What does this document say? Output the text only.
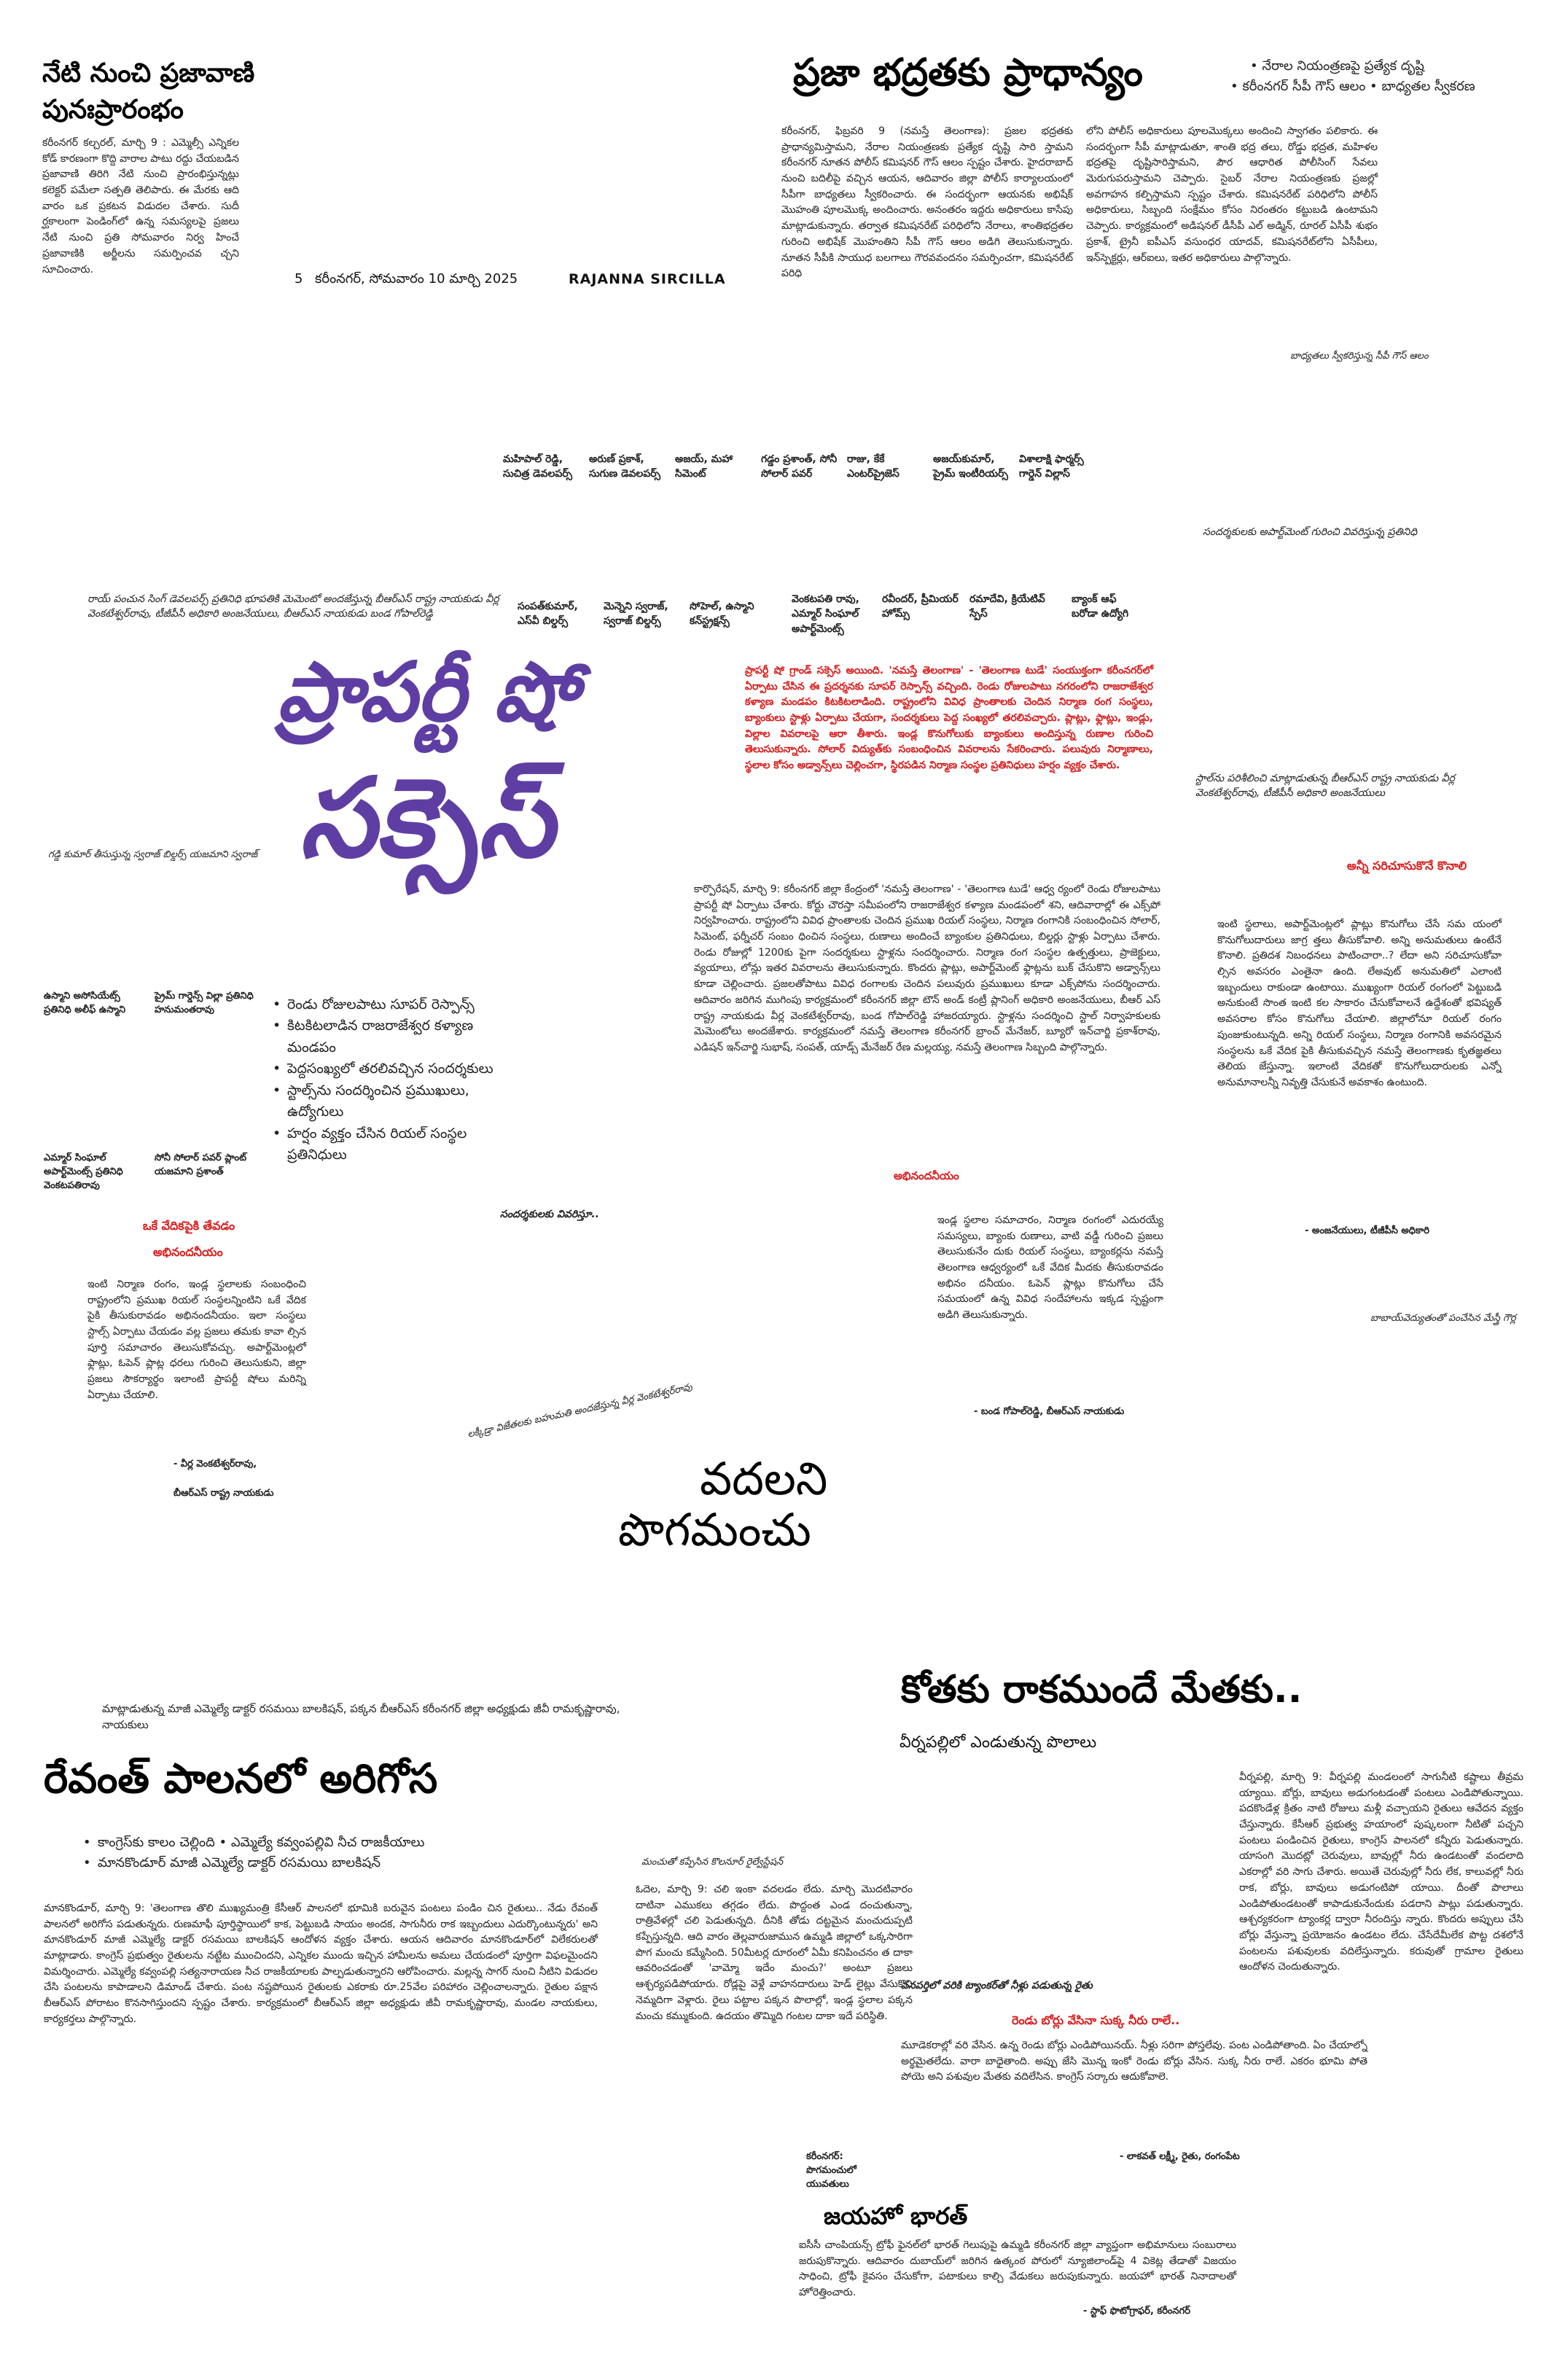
నేటి నుంచి ప్రజావాణి
పునఃప్రారంభం
కరీంనగర్ కల్చరల్, మార్చి 9 : ఎమ్మెల్సీ ఎన్నికల కోడ్ కారణంగా కొద్ది వారాల పాటు రద్దు చేయబడిన ప్రజావాణి తిరిగి నేటి నుంచి ప్రారంభిస్తున్నట్లు కలెక్టర్ పమేలా సత్పతి తెలిపారు. ఈ మేరకు ఆది వారం ఒక ప్రకటన విడుదల చేశారు. సుదీ ర్ఘకాలంగా పెండింగ్‌లో ఉన్న సమస్యలపై ప్రజలు నేటి నుంచి ప్రతి సోమవారం నిర్వ హించే ప్రజావాణికి అర్జీలను సమర్పించవ చ్చని సూచించారు.
5 కరీంనగర్, సోమవారం 10 మార్చి 2025	RAJANNA SIRCILLA
• నేరాల నియంత్రణపై ప్రత్యేక దృష్టి
• కరీంనగర్ సీపీ గౌస్ ఆలం • బాధ్యతల స్వీకరణ
ప్రజా భద్రతకు ప్రాధాన్యం
కరీంనగర్, ఫిబ్రవరి 9 (నమస్తే తెలంగాణ): ప్రజల భద్రతకు ప్రాధాన్యమిస్తామని, నేరాల నియంత్రణకు ప్రత్యేక దృష్టి సారి స్తామని కరీంనగర్ నూతన పోలీస్ కమిషనర్ గౌస్ ఆలం స్పష్టం చేశారు. హైదరాబాద్ నుంచి బదిలీపై వచ్చిన ఆయన, ఆదివారం జిల్లా పోలీస్ కార్యాలయంలో సీపీగా బాధ్యతలు స్వీకరించారు. ఈ సందర్భంగా ఆయనకు అభిషేక్ మొహంతి పూలమొక్క అందించారు. అనంతరం ఇద్దరు అధికారులు కాసేపు మాట్లాడుకున్నారు. తర్వాత కమిషనరేట్ పరిధిలోని నేరాలు, శాంతిభద్రతల గురించి అభిషేక్ మొహంతిని సీపీ గౌస్ ఆలం అడిగి తెలుసుకున్నారు. నూతన సీపీకి సాయుధ బలగాలు గౌరవవందనం సమర్పించగా, కమిషనరేట్ పరిధి
లోని పోలీస్ అధికారులు పూలమొక్కలు అందించి స్వాగతం పలికారు. ఈ సందర్భంగా సీపీ మాట్లాడుతూ, శాంతి భద్ర తలు, రోడ్డు భద్రత, మహిళల భద్రతపై దృష్టిసారిస్తామని, పౌర ఆధారిత పోలీసింగ్ సేవలు మెరుగుపరుస్తామని చెప్పారు. సైబర్ నేరాల నియంత్రణకు ప్రజల్లో అవగాహన కల్పిస్తామని స్పష్టం చేశారు. కమిషనరేట్ పరిధిలోని పోలీస్ అధికారులు, సిబ్బంది సంక్షేమం కోసం నిరంతరం కట్టుబడి ఉంటామని చెప్పారు. కార్యక్రమంలో అడిషనల్ డీసీపీ ఎల్ అడ్మిన్, రూరల్ ఏసీపీ శుభం ప్రకాశ్, ట్రైనీ ఐపీఎస్ వసుంధర యాదవ్, కమిషనరేట్‌లోని ఏసీపీలు, ఇన్‌స్పెక్టర్లు, ఆర్ఐలు, ఇతర అధికారులు పాల్గొన్నారు.
బాధ్యతలు స్వీకరిస్తున్న సీపీ గౌస్ ఆలం
మహిపాల్ రెడ్డి, సుచిత్ర డెవలపర్స్
అరుణ్ ప్రకాశ్, సుగుణ డెవలపర్స్
అజయ్, మహా సిమెంట్
గడ్డం ప్రశాంత్, సోనీ సోలార్ పవర్
రాజు, కేకే ఎంటర్‌ప్రైజెస్
అజయ్‌కుమార్, ప్రైమ్ ఇంటీరియర్స్
విశాలాక్షి ఫార్మర్స్ గార్డెన్ విల్లాస్
సందర్శకులకు అపార్ట్‌మెంట్ గురించి వివరిస్తున్న ప్రతినిధి
రాయ్ పంచున సింగ్ డెవలపర్స్ ప్రతినిధి భూపతికి మెమెంటో అందజేస్తున్న బీఆర్‌ఎస్ రాష్ట్ర నాయకుడు వీర్ల వెంకటేశ్వర్‌రావు, టీజీపీసీ అధికారి అంజనేయులు, బీఆర్‌ఎస్ నాయకుడు బండ గోపాల్‌రెడ్డి
సంపత్‌కుమార్, ఎస్‌వీ బిల్డర్స్
మెన్నెని స్వరాజ్, స్వరాజ్ బిల్డర్స్
సోహెల్, ఉస్మాని కన్‌స్ట్రక్షన్స్
వెంకటపతి రావు, ఎమ్మార్ సింఘాల్ అపార్ట్‌మెంట్స్
రవీందర్, ప్రీమియర్ హోమ్స్
రమాదేవి, క్రియేటివ్ స్పేస్
బ్యాంక్ ఆఫ్ బరోడా ఉద్యోగి
ప్రాపర్టీ షో
సక్సెస్
ప్రాపర్టీ షో గ్రాండ్ సక్సెస్ అయింది. 'నమస్తే తెలంగాణ' - 'తెలంగాణ టుడే' సంయుక్తంగా కరీంనగర్‌లో ఏర్పాటు చేసిన ఈ ప్రదర్శనకు సూపర్ రెస్పాన్స్ వచ్చింది. రెండు రోజులపాటు నగరంలోని రాజరాజేశ్వర కళ్యాణ మండపం కిటకిటలాడింది. రాష్ట్రంలోని వివిధ ప్రాంతాలకు చెందిన నిర్మాణ రంగ సంస్థలు, బ్యాంకులు స్టాళ్లు ఏర్పాటు చేయగా, సందర్శకులు పెద్ద సంఖ్యలో తరలివచ్చారు. ప్లాట్లు, ఫ్లాట్లు, ఇండ్లు, విల్లాల వివరాలపై ఆరా తీశారు. ఇండ్ల కొనుగోలుకు బ్యాంకులు అందిస్తున్న రుణాల గురించి తెలుసుకున్నారు. సోలార్ విద్యుత్‌కు సంబంధించిన వివరాలను సేకరించారు. పలువురు నిర్మాణాలు, స్థలాల కోసం అడ్వాన్స్‌లు చెల్లించగా, స్థిరపడిన నిర్మాణ సంస్థల ప్రతినిధులు హర్షం వ్యక్తం చేశారు.
గడ్డి కుమార్ తీసుస్తున్న స్వరాజ్ బిల్డర్స్ యజమాని స్వరాజ్
కార్పొరేషన్, మార్చి 9: కరీంనగర్ జిల్లా కేంద్రంలో 'నమస్తే తెలంగాణ' - 'తెలంగాణ టుడే' ఆధ్వ ర్యంలో రెండు రోజులపాటు ప్రాపర్టీ షో ఏర్పాటు చేశారు. కోర్టు చౌరస్తా సమీపంలోని రాజరాజేశ్వర కళ్యాణ మండపంలో శని, ఆదివారాల్లో ఈ ఎక్స్‌పో నిర్వహించారు. రాష్ట్రంలోని వివిధ ప్రాంతాలకు చెందిన ప్రముఖ రియల్ సంస్థలు, నిర్మాణ రంగానికి సంబంధించిన సోలార్, సిమెంట్, ఫర్నీచర్ సంబం ధించిన సంస్థలు, రుణాలు అందించే బ్యాంకుల ప్రతినిధులు, బిల్డర్లు స్టాళ్లు ఏర్పాటు చేశారు. రెండు రోజుల్లో 1200కు పైగా సందర్శకులు స్టాళ్లను సందర్శించారు. నిర్మాణ రంగ సంస్థల ఉత్పత్తులు, ప్రాజెక్టులు, వ్యయాలు, లోన్లు ఇతర వివరాలను తెలుసుకున్నారు. కొందరు ప్లాట్లు, అపార్ట్‌మెంట్ ఫ్లాట్లను బుక్ చేసుకొని అడ్వాన్స్‌లు కూడా చెల్లించారు. ప్రజలతోపాటు వివిధ రంగాలకు చెందిన పలువురు ప్రముఖులు కూడా ఎక్స్‌పోను సందర్శించారు. ఆదివారం జరిగిన ముగింపు కార్యక్రమంలో కరీంనగర్ జిల్లా టౌన్ అండ్ కంట్రీ ప్లానింగ్ అధికారి అంజనేయులు, బీఆర్ ఎస్ రాష్ట్ర నాయకుడు వీర్ల వెంకటేశ్వర్‌రావు, బండ గోపాల్‌రెడ్డి హాజరయ్యారు. స్టాళ్లను సందర్శించి స్టాల్ నిర్వాహకులకు మెమెంటోలు అందజేశారు. కార్యక్రమంలో నమస్తే తెలంగాణ కరీంనగర్ బ్రాంచ్ మేనేజర్, బ్యూరో ఇన్‌చార్జి ప్రకాశ్‌రావు, ఎడిషన్ ఇన్‌చార్జి సుభాష్, సంపత్, యాడ్స్ మేనేజర్ రేణ మల్లయ్య, నమస్తే తెలంగాణ సిబ్బంది పాల్గొన్నారు.
స్టాల్‌ను పరిశీలించి మాట్లాడుతున్న బీఆర్‌ఎస్ రాష్ట్ర నాయకుడు వీర్ల వెంకటేశ్వర్‌రావు, టీజీపీసీ అధికారి అంజనేయులు
అన్నీ సరిచూసుకొనే కొనాలి
ఇంటి స్థలాలు, అపార్ట్‌మెంట్లలో ప్లాట్లు కొనుగోలు చేసే సమ యంలో కొనుగోలుదారులు జాగ్ర త్తలు తీసుకోవాలి. అన్ని అనుమతులు ఉంటేనే కొనాలి. ప్రతిదశ నిబంధనలు పాటించారా..? లేదా అని సరిచూసుకోవా ల్సిన అవసరం ఎంతైనా ఉంది. లేఅవుట్ అనుమతిలో ఎలాంటి ఇబ్బందులు రాకుండా ఉంటాయి. ముఖ్యంగా రియల్ రంగంలో పెట్టుబడి అనుకుంటే సొంత ఇంటి కల సాకారం చేసుకోవాలనే ఉద్దేశంతో భవిష్యత్ అవసరాల కోసం కొనుగోలు చేయాలి. జిల్లాలోనూ రియల్ రంగం పుంజుకుంటున్నది. అన్ని రియల్ సంస్థలు, నిర్మాణ రంగానికి అవసరమైన సంస్థలను ఒకే వేదిక పైకి తీసుకువచ్చిన నమస్తే తెలంగాణకు కృతజ్ఞతలు తెలియ జేస్తున్నా. ఇలాంటి వేదికతో కొనుగోలుదారులకు ఎన్నో అనుమానాలన్నీ నివృత్తి చేసుకునే అవకాశం ఉంటుంది.
- అంజనేయులు, టీజీపీసీ అధికారి
బాబాయ్‌వెద్యుతంతో పంచేసిన మేస్త్రీ గౌర్ల
ఉస్మాని అసోసియేట్స్ ప్రతినిధి అలీఫ్ ఉస్మాని
ప్రైమ్ గార్డెన్స్ విల్లా ప్రతినిధి హనుమంతరావు
•	రెండు రోజులపాటు సూపర్ రెస్పాన్స్
• కిటకిటలాడిన రాజరాజేశ్వర కళ్యాణ మండపం
• పెద్దసంఖ్యలో తరలివచ్చిన సందర్శకులు
• స్టాల్స్‌ను సందర్శించిన ప్రముఖులు, ఉద్యోగులు
• హర్షం వ్యక్తం చేసిన రియల్ సంస్థల ప్రతినిధులు
ఎమ్మార్ సింఘాల్ అపార్ట్‌మెంట్స్ ప్రతినిధి వెంకటపతిరావు
సోనీ సోలార్ పవర్ ప్లాంట్ యజమాని ప్రశాంత్
సందర్శకులకు వివరిస్తూ..
అభినందనీయం
ఇండ్ల స్థలాల సమాచారం, నిర్మాణ రంగంలో ఎదురయ్యే సమస్యలు, బ్యాంకు రుణాలు, వాటి వడ్డీ గురించి ప్రజలు తెలుసుకునేం దుకు రియల్ సంస్థలు, బ్యాంకర్లను నమస్తే తెలంగాణ ఆధ్వర్యంలో ఒకే వేదిక మీదకు తీసుకురావడం అభినం దనీయం. ఓపెన్ ప్లాట్లు కొనుగోలు చేసే సమయంలో ఉన్న వివిధ సందేహాలను ఇక్కడ స్పష్టంగా అడిగి తెలుసుకున్నారు.
- బండ గోపాల్‌రెడ్డి, బీఆర్‌ఎస్ నాయకుడు
ఒకే వేదికపైకి తేవడం
అభినందనీయం
ఇంటి నిర్మాణ రంగం, ఇండ్ల స్థలాలకు సంబంధించి రాష్ట్రంలోని ప్రముఖ రియల్ సంస్థలన్నింటిని ఒకే వేదిక పైకి తీసుకురావడం అభినందనీయం. ఇలా సంస్థలు స్టాల్స్ ఏర్పాటు చేయడం వల్ల ప్రజలు తమకు కావా ల్సిన పూర్తి సమాచారం తెలుసుకోవచ్చు. అపార్ట్‌మెంట్లలో ఫ్లాట్లు, ఓపెన్ ప్లాట్ల ధరలు గురించి తెలుసుకుని, జిల్లా ప్రజలు సౌకర్యార్థం ఇలాంటి ప్రాపర్టీ షోలు మరిన్ని ఏర్పాటు చేయాలి.
- వీర్ల వెంకటేశ్వర్‌రావు,
బీఆర్‌ఎస్ రాష్ట్ర నాయకుడు
లక్కీడ్రా విజేతలకు బహుమతి అందజేస్తున్న వీర్ల వెంకటేశ్వర్‌రావు
వదలని
పొగమంచు
మంచుతో కప్పేసిన కొలనూర్ రైల్వేస్టేషన్
ఓదెల, మార్చి 9: చలి ఇంకా వదలడం లేదు. మార్చి మొదటివారం దాటినా ఎముకలు తగ్గడం లేదు. పొద్దంత ఎండ దంచుతున్నా, రాత్రివేళల్లో చలి పెడుతున్నది. దీనికి తోడు దట్టమైన మంచుదుప్పటి కప్పేస్తున్నది. ఆది వారం తెల్లవారుజామున ఉమ్మడి జిల్లాలో ఒక్కసారిగా పొగ మంచు కమ్మేసింది. 50మీటర్ల దూరంలో ఏమీ కనిపించనం త దాకా ఆవరించడంతో 'వామ్మో ఇదేం మంచు?' అంటూ ప్రజలు ఆశ్చర్యపడిపోయారు. రోడ్లపై వెళ్లే వాహనదారులు హెడ్ లైట్లు వేసుకొని నెమ్మదిగా వెళ్లారు. రైలు పట్టాల పక్కన పొలాల్లో, ఇండ్ల స్థలాల పక్కన మంచు కమ్ముకుంది. ఉదయం తొమ్మిది గంటల దాకా ఇదే పరిస్థితి.
కరీంనగర్: పొగమంచులో యువతులు
కోతకు రాకముందే మేతకు..
వీర్నపల్లిలో ఎండుతున్న పొలాలు
వీర్నపల్లి, మార్చి 9: వీర్నపల్లి మండలంలో సాగునీటి కష్టాలు తీవ్రమ య్యాయి. బోర్లు, బావులు అడుగంటడంతో పంటలు ఎండిపోతున్నాయి. పదకొండేళ్ల క్రితం నాటి రోజులు మళ్లీ వచ్చాయని రైతులు ఆవేదన వ్యక్తం చేస్తున్నారు. కేసీఆర్ ప్రభుత్వ హయాంలో పుష్కలంగా నీటితో పచ్చని పంటలు పండించిన రైతులు, కాంగ్రెస్ పాలనలో కన్నీరు పెడుతున్నారు. యాసంగి మొదట్లో చెరువులు, బావుల్లో నీరు ఉండటంతో వందలాది ఎకరాల్లో వరి సాగు చేశారు. అయితే చెరువుల్లో నీరు లేక, కాలువల్లో నీరు రాక, బోర్లు, బావులు అడుగంటిపో యాయి. దీంతో పొలాలు ఎండిపోతుండటంతో కాపాడుకునేందుకు పడరాని పాట్లు పడుతున్నారు. ఆశ్చర్యకరంగా ట్యాంకర్ల ద్వారా నీరందిస్తు న్నారు. కొందరు అప్పులు చేసి బోర్లు వేస్తున్నా ప్రయోజనం ఉండటం లేదు. చేసేదేమీలేక పొట్ట దశలోనే పంటలను పశువులకు వదిలేస్తున్నారు. కరువుతో గ్రామాల రైతులు ఆందోళన చెందుతున్నారు.
వనపర్తిలో వరికి ట్యాంకర్‌తో నీళ్లు పడుతున్న రైతు
రెండు బోర్లు వేసినా సుక్క నీరు రాలే..
మూడెకరాల్లో వరి వేసిన. ఉన్న రెండు బోర్లు ఎండిపోయినయ్. నీళ్లు సరిగా పోస్తలేవు. పంట ఎండిపోతాంది. ఏం చేయాల్నో అర్థమైతలేదు. వారా బాధైతాంది. అప్పు జేసి మొన్న ఇంకో రెండు బోర్లు వేసిన. సుక్క నీరు రాలే. ఎకరం భూమి పోతె పోయె అని పశువుల మేతకు వదిలేసిన. కాంగ్రెస్ సర్కారు ఆదుకోవాలె.
- లాకవత్ లక్ష్మీ, రైతు, రంగంపేట
మాట్లాడుతున్న మాజీ ఎమ్మెల్యే డాక్టర్ రసమయి బాలకిషన్, పక్కన బీఆర్‌ఎస్ కరీంనగర్ జిల్లా అధ్యక్షుడు జీవీ రామకృష్ణారావు, నాయకులు
రేవంత్ పాలనలో అరిగోస
• కాంగ్రెస్‌కు కాలం చెల్లింది • ఎమ్మెల్యే కవ్వంపల్లివి నీచ రాజకీయాలు
• మానకొండూర్ మాజీ ఎమ్మెల్యే డాక్టర్ రసమయి బాలకిషన్
మానకొండూర్, మార్చి 9: 'తెలంగాణ తొలి ముఖ్యమంత్రి కేసీఆర్ పాలనలో భూమికి బరువైన పంటలు పండిం చిన రైతులు.. నేడు రేవంత్ పాలనలో అరిగోస పడుతున్నరు. రుణమాఫీ పూర్తిస్థాయిలో కాక, పెట్టుబడి సాయం అందక, సాగునీరు రాక ఇబ్బందులు ఎదుర్కొంటున్నరు' అని మానకొండూర్ మాజీ ఎమ్మెల్యే డాక్టర్ రసమయి బాలకిషన్ ఆందోళన వ్యక్తం చేశారు. ఆయన ఆదివారం మానకొండూర్‌లో విలేకరులతో మాట్లాడారు. కాంగ్రెస్ ప్రభుత్వం రైతులను నట్టేట ముంచిందని, ఎన్నికల ముందు ఇచ్చిన హామీలను అమలు చేయడంలో పూర్తిగా విఫలమైందని విమర్శించారు. ఎమ్మెల్యే కవ్వంపల్లి సత్యనారాయణ నీచ రాజకీయాలకు పాల్పడుతున్నారని ఆరోపించారు. మల్లన్న సాగర్ నుంచి నీటిని విడుదల చేసి పంటలను కాపాడాలని డిమాండ్ చేశారు. పంట నష్టపోయిన రైతులకు ఎకరాకు రూ.25వేల పరిహారం చెల్లించాలన్నారు. రైతుల పక్షాన బీఆర్‌ఎస్ పోరాటం కొనసాగిస్తుందని స్పష్టం చేశారు. కార్యక్రమంలో బీఆర్‌ఎస్ జిల్లా అధ్యక్షుడు జీవీ రామకృష్ణారావు, మండల నాయకులు, కార్యకర్తలు పాల్గొన్నారు.
జయహో భారత్
ఐసీసీ చాంపియన్స్ ట్రోఫీ ఫైనల్‌లో భారత్ గెలుపుపై ఉమ్మడి కరీంనగర్ జిల్లా వ్యాప్తంగా అభిమానులు సంబురాలు జరుపుకొన్నారు. ఆదివారం దుబాయ్‌లో జరిగిన ఉత్కంఠ పోరులో న్యూజిలాండ్‌పై 4 వికెట్ల తేడాతో విజయం సాధించి, ట్రోఫీ కైవసం చేసుకోగా, పటాకులు కాల్చి వేడుకలు జరుపుకున్నారు. జయహో భారత్ నినాదాలతో హోరెత్తించారు.
- స్టాఫ్ ఫొటోగ్రాఫర్, కరీంనగర్
